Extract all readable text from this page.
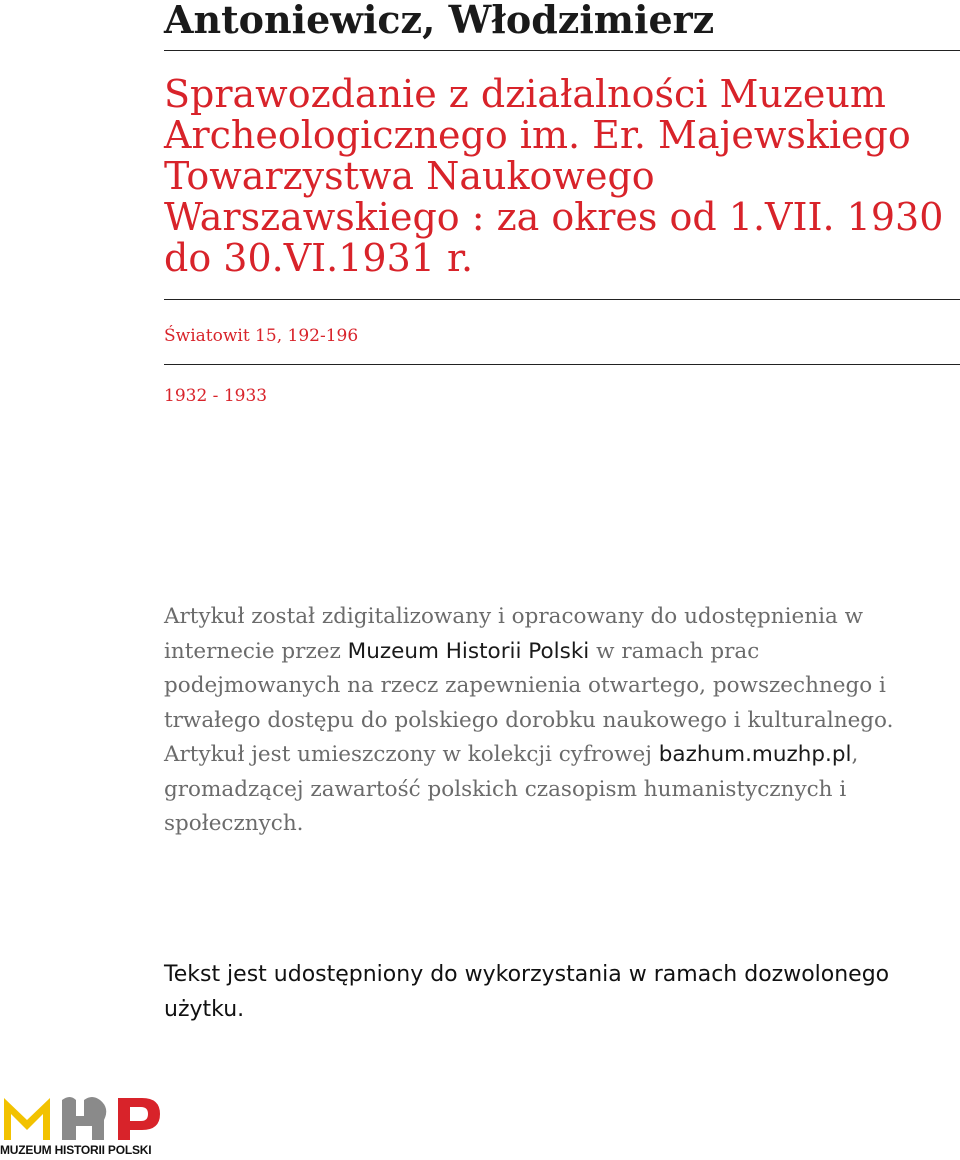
Antoniewicz, Włodzimierz
Sprawozdanie z działalności Muzeum Archeologicznego im. Er. Majewskiego Towarzystwa Naukowego Warszawskiego : za okres od 1.VII. 1930 do 30.VI.1931 r.
Światowit 15, 192-196
1932 - 1933
Artykuł został zdigitalizowany i opracowany do udostępnienia w internecie przez Muzeum Historii Polski w ramach prac podejmowanych na rzecz zapewnienia otwartego, powszechnego i trwałego dostępu do polskiego dorobku naukowego i kulturalnego. Artykuł jest umieszczony w kolekcji cyfrowej bazhum.muzhp.pl, gromadzącej zawartość polskich czasopism humanistycznych i społecznych.
Tekst jest udostępniony do wykorzystania w ramach dozwolonego użytku.
MUZEUM HISTORII POLSKI
